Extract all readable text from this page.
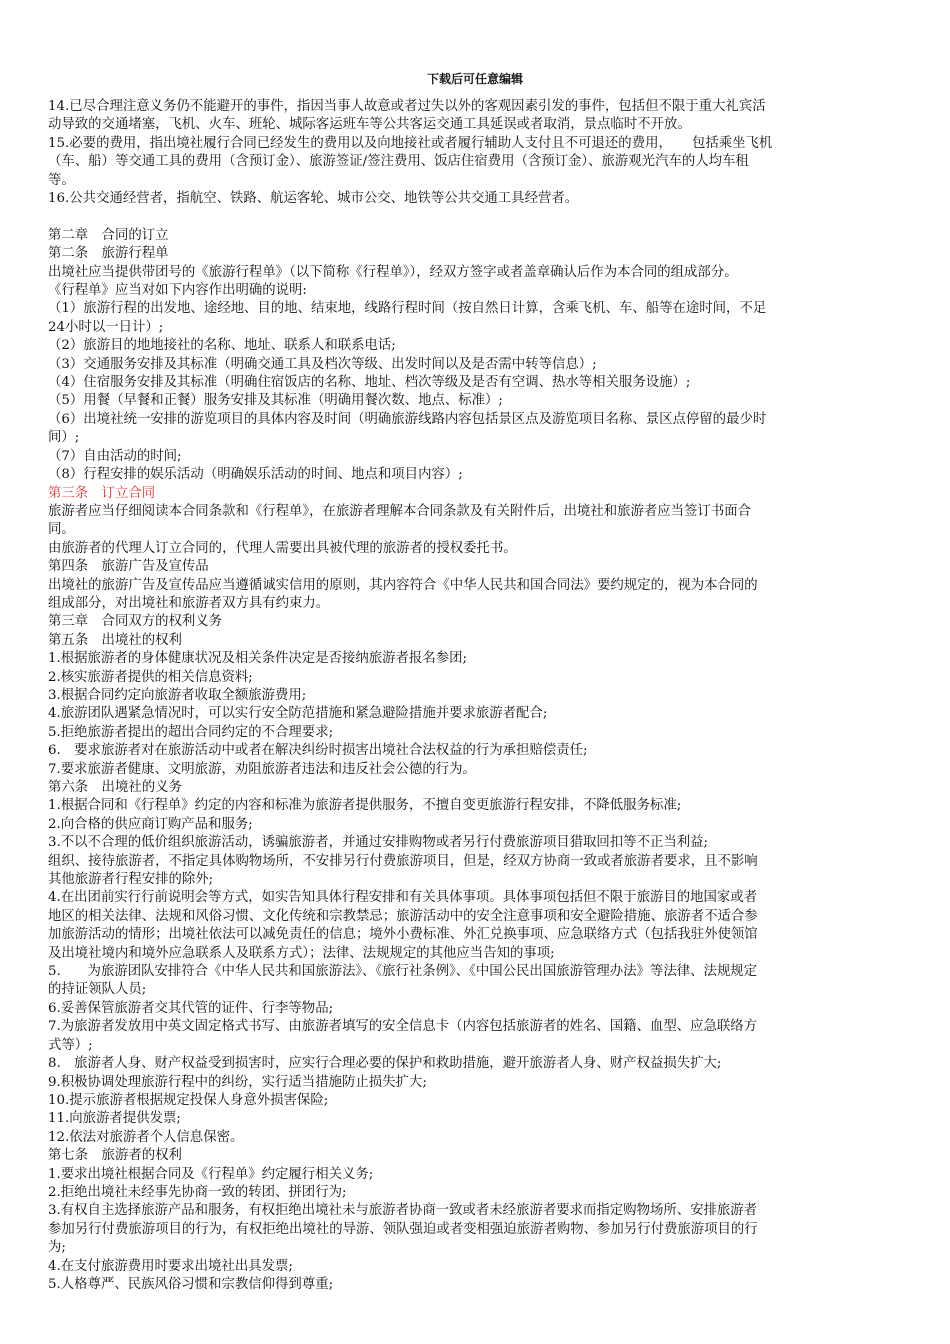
下载后可任意编辑
14.已尽合理注意义务仍不能避开的事件，指因当事人故意或者过失以外的客观因素引发的事件，包括但不限于重大礼宾活
动导致的交通堵塞，飞机、火车、班轮、城际客运班车等公共客运交通工具延误或者取消，景点临时不开放。
15.必要的费用，指出境社履行合同已经发生的费用以及向地接社或者履行辅助人支付且不可退还的费用，　　包括乘坐飞机
（车、船）等交通工具的费用（含预订金）、旅游签证/签注费用、饭店住宿费用（含预订金）、旅游观光汽车的人均车租
等。
16.公共交通经营者，指航空、铁路、航运客轮、城市公交、地铁等公共交通工具经营者。
第二章　合同的订立
第二条　旅游行程单
出境社应当提供带团号的《旅游行程单》（以下简称《行程单》），经双方签字或者盖章确认后作为本合同的组成部分。
《行程单》应当对如下内容作出明确的说明:
（1）旅游行程的出发地、途经地、目的地、结束地，线路行程时间（按自然日计算，含乘飞机、车、船等在途时间，不足
24小时以一日计）;
（2）旅游目的地地接社的名称、地址、联系人和联系电话;
（3）交通服务安排及其标准（明确交通工具及档次等级、出发时间以及是否需中转等信息）;
（4）住宿服务安排及其标准（明确住宿饭店的名称、地址、档次等级及是否有空调、热水等相关服务设施）;
（5）用餐（早餐和正餐）服务安排及其标准（明确用餐次数、地点、标准）;
（6）出境社统一安排的游览项目的具体内容及时间（明确旅游线路内容包括景区点及游览项目名称、景区点停留的最少时
间）;
（7）自由活动的时间;
（8）行程安排的娱乐活动（明确娱乐活动的时间、地点和项目内容）;
第三条　订立合同
旅游者应当仔细阅读本合同条款和《行程单》，在旅游者理解本合同条款及有关附件后，出境社和旅游者应当签订书面合
同。
由旅游者的代理人订立合同的，代理人需要出具被代理的旅游者的授权委托书。
第四条　旅游广告及宣传品
出境社的旅游广告及宣传品应当遵循诚实信用的原则，其内容符合《中华人民共和国合同法》要约规定的，视为本合同的
组成部分，对出境社和旅游者双方具有约束力。
第三章　合同双方的权利义务
第五条　出境社的权利
1.根据旅游者的身体健康状况及相关条件决定是否接纳旅游者报名参团;
2.核实旅游者提供的相关信息资料;
3.根据合同约定向旅游者收取全额旅游费用;
4.旅游团队遇紧急情况时，可以实行安全防范措施和紧急避险措施并要求旅游者配合;
5.拒绝旅游者提出的超出合同约定的不合理要求;
6.　要求旅游者对在旅游活动中或者在解决纠纷时损害出境社合法权益的行为承担赔偿责任;
7.要求旅游者健康、文明旅游，劝阻旅游者违法和违反社会公德的行为。
第六条　出境社的义务
1.根据合同和《行程单》约定的内容和标准为旅游者提供服务，不擅自变更旅游行程安排，不降低服务标准;
2.向合格的供应商订购产品和服务;
3.不以不合理的低价组织旅游活动，诱骗旅游者，并通过安排购物或者另行付费旅游项目猎取回扣等不正当利益;
组织、接待旅游者，不指定具体购物场所，不安排另行付费旅游项目，但是，经双方协商一致或者旅游者要求，且不影响
其他旅游者行程安排的除外;
4.在出团前实行行前说明会等方式，如实告知具体行程安排和有关具体事项。具体事项包括但不限于旅游目的地国家或者
地区的相关法律、法规和风俗习惯、文化传统和宗教禁忌；旅游活动中的安全注意事项和安全避险措施、旅游者不适合参
加旅游活动的情形；出境社依法可以减免责任的信息；境外小费标准、外汇兑换事项、应急联络方式（包括我驻外使领馆
及出境社境内和境外应急联系人及联系方式）；法律、法规规定的其他应当告知的事项;
5.　　为旅游团队安排符合《中华人民共和国旅游法》、《旅行社条例》、《中国公民出国旅游管理办法》等法律、法规规定
的持证领队人员;
6.妥善保管旅游者交其代管的证件、行李等物品;
7.为旅游者发放用中英文固定格式书写、由旅游者填写的安全信息卡（内容包括旅游者的姓名、国籍、血型、应急联络方
式等）;
8.　旅游者人身、财产权益受到损害时，应实行合理必要的保护和救助措施，避开旅游者人身、财产权益损失扩大;
9.积极协调处理旅游行程中的纠纷，实行适当措施防止损失扩大;
10.提示旅游者根据规定投保人身意外损害保险;
11.向旅游者提供发票;
12.依法对旅游者个人信息保密。
第七条　旅游者的权利
1.要求出境社根据合同及《行程单》约定履行相关义务;
2.拒绝出境社未经事先协商一致的转团、拼团行为;
3.有权自主选择旅游产品和服务，有权拒绝出境社未与旅游者协商一致或者未经旅游者要求而指定购物场所、安排旅游者
参加另行付费旅游项目的行为，有权拒绝出境社的导游、领队强迫或者变相强迫旅游者购物、参加另行付费旅游项目的行
为;
4.在支付旅游费用时要求出境社出具发票;
5.人格尊严、民族风俗习惯和宗教信仰得到尊重;
